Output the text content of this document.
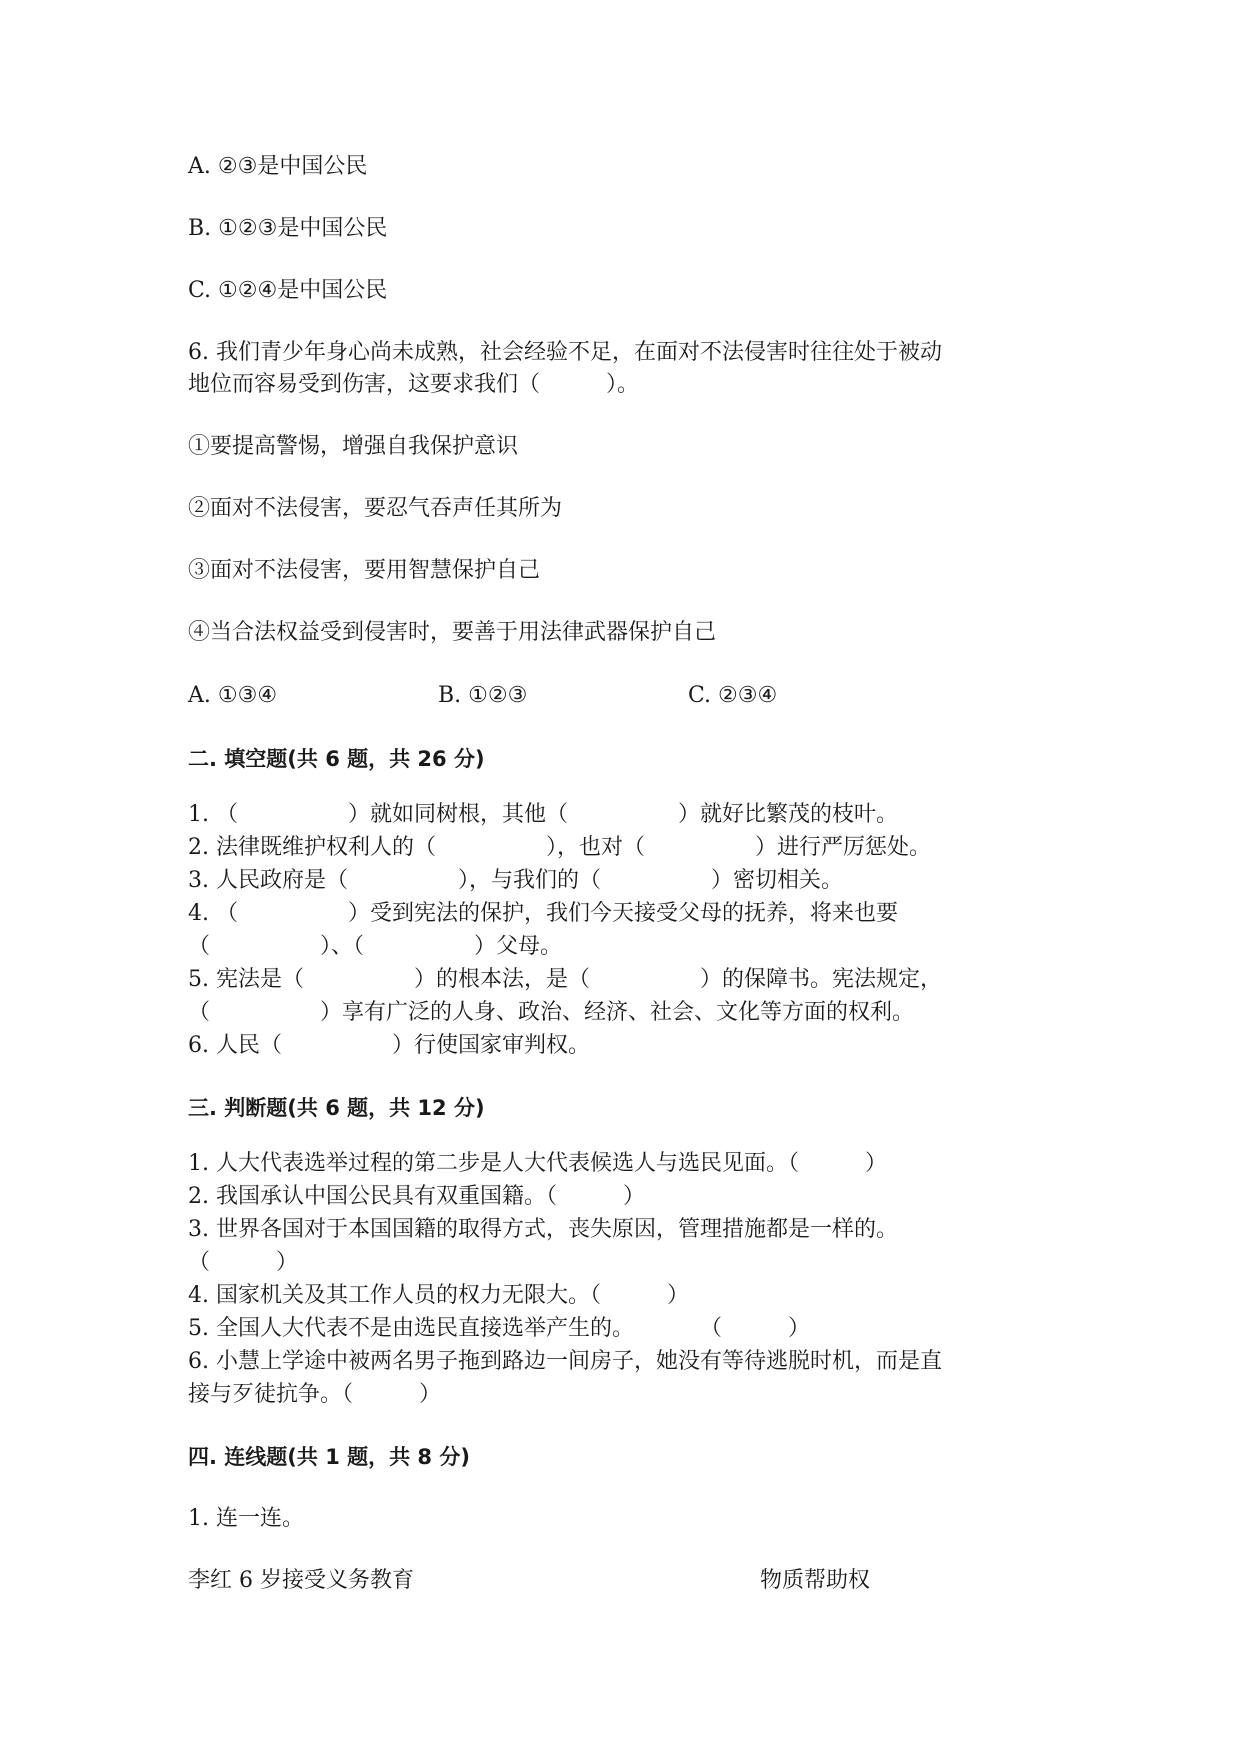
A. ②③是中国公民
B. ①②③是中国公民
C. ①②④是中国公民
6. 我们青少年身心尚未成熟，社会经验不足，在面对不法侵害时往往处于被动
地位而容易受到伤害，这要求我们（　　　）。
①要提高警惕，增强自我保护意识
②面对不法侵害，要忍气吞声任其所为
③面对不法侵害，要用智慧保护自己
④当合法权益受到侵害时，要善于用法律武器保护自己
A. ①③④	B. ①②③	C. ②③④
二. 填空题(共 6 题，共 26 分)
1. （　　　　　）就如同树根，其他（　　　　　）就好比繁茂的枝叶。
2. 法律既维护权利人的（　　　　　），也对（　　　　　）进行严厉惩处。
3. 人民政府是（　　　　　），与我们的（　　　　　）密切相关。
4. （　　　　　）受到宪法的保护，我们今天接受父母的抚养，将来也要
（　　　　　）、（　　　　　）父母。
5. 宪法是（　　　　　）的根本法，是（　　　　　）的保障书。宪法规定，
（　　　　　）享有广泛的人身、政治、经济、社会、文化等方面的权利。
6. 人民（　　　　　）行使国家审判权。
三. 判断题(共 6 题，共 12 分)
1. 人大代表选举过程的第二步是人大代表候选人与选民见面。（　　　）
2. 我国承认中国公民具有双重国籍。（　　　）
3. 世界各国对于本国国籍的取得方式，丧失原因，管理措施都是一样的。
（　　　）
4. 国家机关及其工作人员的权力无限大。（　　　）
5. 全国人大代表不是由选民直接选举产生的。　　　　（　　　）
6. 小慧上学途中被两名男子拖到路边一间房子，她没有等待逃脱时机，而是直
接与歹徒抗争。（　　　）
四. 连线题(共 1 题，共 8 分)
1. 连一连。
李红 6 岁接受义务教育	物质帮助权
